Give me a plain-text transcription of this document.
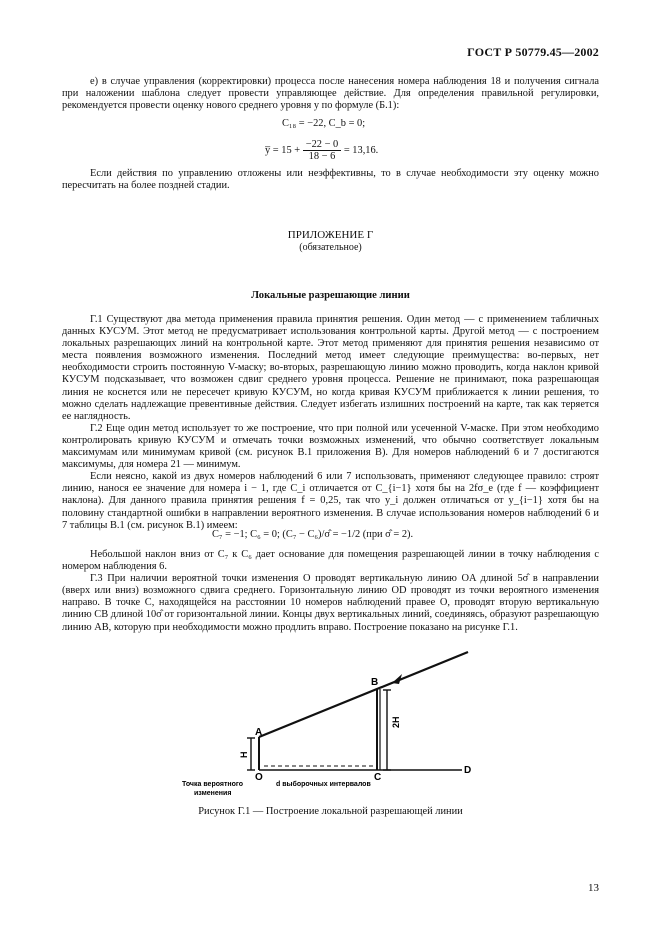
ГОСТ Р 50779.45—2002

е) в случае управления (корректировки) процесса после нанесения номера наблюдения 18 и получения сигнала при наложении шаблона следует провести управляющее действие. Для определения правильной регулировки, рекомендуется провести оценку нового среднего уровня y по формуле (Б.1):

C₁₈ = −22, C_b = 0;
y̅ = $15 + \frac{-22 - 0}{18 - 6} = 13,16$.

Если действия по управлению отложены или неэффективны, то в случае необходимости эту оценку можно пересчитать на более поздней стадии.

ПРИЛОЖЕНИЕ Г
(обязательное)
Локальные разрешающие линии

Г.1 Существуют два метода применения правила принятия решения. Один метод — с применением табличных данных КУСУМ. Этот метод не предусматривает использования контрольной карты. Другой метод — с построением локальных разрешающих линий на контрольной карте. Этот метод применяют для принятия решения независимо от места появления возможного изменения. Последний метод имеет следующие преимущества: во-первых, нет необходимости строить постоянную V-маску; во-вторых, разрешающую линию можно проводить, когда наклон кривой КУСУМ подсказывает, что возможен сдвиг среднего уровня процесса. Решение не принимают, пока разрешающая линия не коснется или не пересечет кривую КУСУМ, но когда кривая КУСУМ приближается к линии решения, то можно сделать надлежащие превентивные действия. Следует избегать излишних построений на карте, так как теряется ее наглядность.

Г.2 Еще один метод использует то же построение, что при полной или усеченной V-маске. При этом необходимо контролировать кривую КУСУМ и отмечать точки возможных изменений, что обычно соответствует локальным максимумам или минимумам кривой (см. рисунок В.1 приложения В). Для номеров наблюдений 6 и 7 достигаются максимумы, для номера 21 — минимум.

Если неясно, какой из двух номеров наблюдений 6 или 7 использовать, применяют следующее правило: строят линию, нанося ее значение для номера i − 1, где C_i отличается от C_{i−1} хотя бы на 2fσ_e (где f — коэффициент наклона). Для данного правила принятия решения f = 0,25, так что y_i должен отличаться от y_{i−1} хотя бы на половину стандартной ошибки в направлении вероятного изменения. В случае использования номеров наблюдений 6 и 7 таблицы В.1 (см. рисунок В.1) имеем:

C₇ = −1; C₆ = 0; (C₇ − C₆)/σ̂ = −1/2 (при σ̂ = 2).

Небольшой наклон вниз от C₇ к C₆ дает основание для помещения разрешающей линии в точку наблюдения с номером наблюдения 6.

Г.3 При наличии вероятной точки изменения O проводят вертикальную линию OA длиной 5σ̂ в направлении (вверх или вниз) возможного сдвига среднего. Горизонтальную линию OD проводят из точки вероятного изменения направо. В точке C, находящейся на расстоянии 10 номеров наблюдений правее O, проводят вторую вертикальную линию CB длиной 10σ̂ от горизонтальной линии. Концы двух вертикальных линий, соединяясь, образуют разрешающую линию AB, которую при необходимости можно продлить вправо. Построение показано на рисунке Г.1.

H
2H
A
B
O	C
D
Точка вероятного
изменения
d выборочных интервалов
Рисунок Г.1 — Построение локальной разрешающей линии
13
